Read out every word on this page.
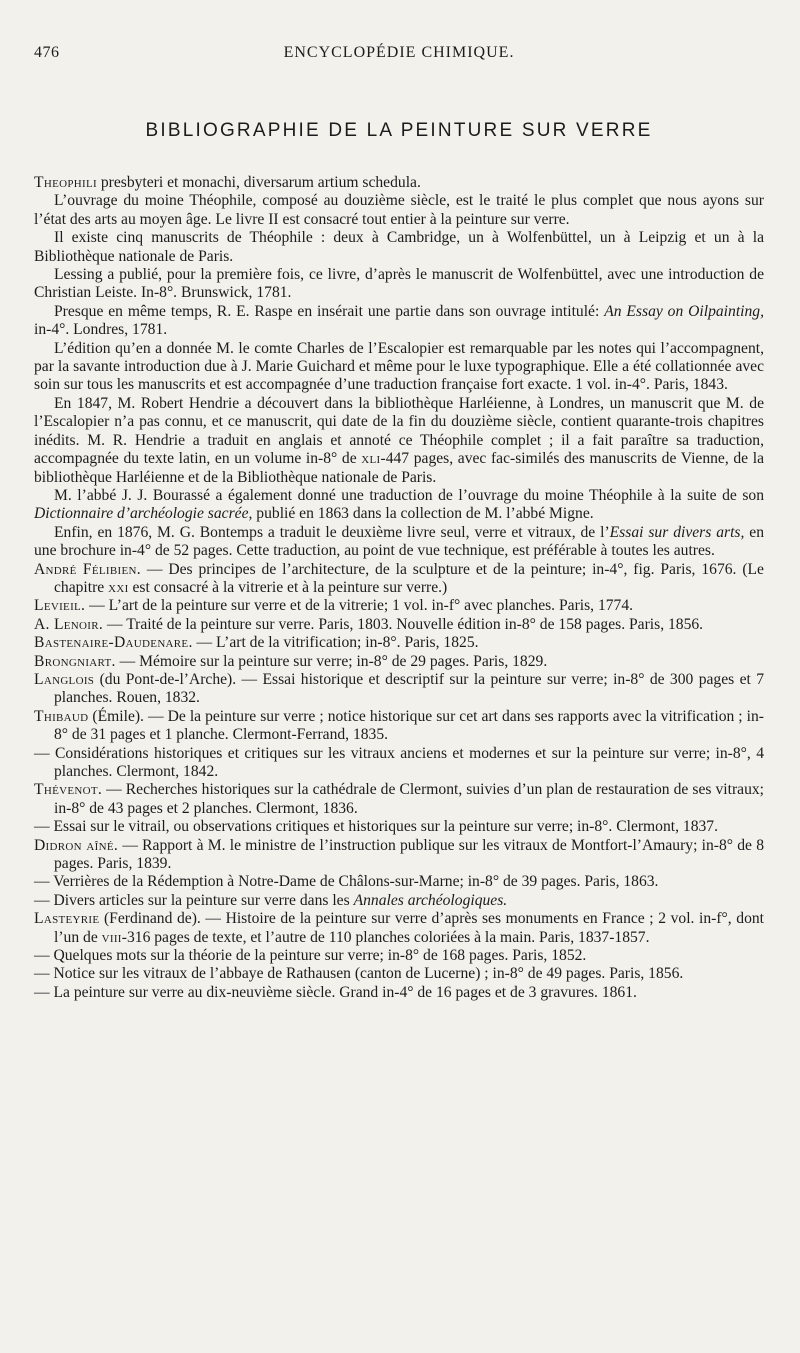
476	ENCYCLOPÉDIE CHIMIQUE.
BIBLIOGRAPHIE DE LA PEINTURE SUR VERRE

Theophili presbyteri et monachi, diversarum artium schedula.

L’ouvrage du moine Théophile, composé au douzième siècle, est le traité le plus complet que nous ayons sur l’état des arts au moyen âge. Le livre II est consacré tout entier à la peinture sur verre.

Il existe cinq manuscrits de Théophile : deux à Cambridge, un à Wolfenbüttel, un à Leipzig et un à la Bibliothèque nationale de Paris.

Lessing a publié, pour la première fois, ce livre, d’après le manuscrit de Wolfenbüttel, avec une introduction de Christian Leiste. In-8°. Brunswick, 1781.

Presque en même temps, R. E. Raspe en insérait une partie dans son ouvrage intitulé: An Essay on Oilpainting, in-4°. Londres, 1781.

L’édition qu’en a donnée M. le comte Charles de l’Escalopier est remarquable par les notes qui l’accompagnent, par la savante introduction due à J. Marie Guichard et même pour le luxe typographique. Elle a été collationnée avec soin sur tous les manuscrits et est accompagnée d’une traduction française fort exacte. 1 vol. in-4°. Paris, 1843.

En 1847, M. Robert Hendrie a découvert dans la bibliothèque Harléienne, à Londres, un manuscrit que M. de l’Escalopier n’a pas connu, et ce manuscrit, qui date de la fin du douzième siècle, contient quarante-trois chapitres inédits. M. R. Hendrie a traduit en anglais et annoté ce Théophile complet ; il a fait paraître sa traduction, accompagnée du texte latin, en un volume in-8° de xli-447 pages, avec fac-similés des manuscrits de Vienne, de la bibliothèque Harléienne et de la Bibliothèque nationale de Paris.

M. l’abbé J. J. Bourassé a également donné une traduction de l’ouvrage du moine Théophile à la suite de son Dictionnaire d’archéologie sacrée, publié en 1863 dans la collection de M. l’abbé Migne.

Enfin, en 1876, M. G. Bontemps a traduit le deuxième livre seul, verre et vitraux, de l’Essai sur divers arts, en une brochure in-4° de 52 pages. Cette traduction, au point de vue technique, est préférable à toutes les autres.

André Félibien. — Des principes de l’architecture, de la sculpture et de la peinture; in-4°, fig. Paris, 1676. (Le chapitre xxi est consacré à la vitrerie et à la peinture sur verre.)

Levieil. — L’art de la peinture sur verre et de la vitrerie; 1 vol. in-f° avec planches. Paris, 1774.

A. Lenoir. — Traité de la peinture sur verre. Paris, 1803. Nouvelle édition in-8° de 158 pages. Paris, 1856.

Bastenaire-Daudenare. — L’art de la vitrification; in-8°. Paris, 1825.

Brongniart. — Mémoire sur la peinture sur verre; in-8° de 29 pages. Paris, 1829.

Langlois (du Pont-de-l’Arche). — Essai historique et descriptif sur la peinture sur verre; in-8° de 300 pages et 7 planches. Rouen, 1832.

Thibaud (Émile). — De la peinture sur verre ; notice historique sur cet art dans ses rapports avec la vitrification ; in-8° de 31 pages et 1 planche. Clermont-Ferrand, 1835.

— Considérations historiques et critiques sur les vitraux anciens et modernes et sur la peinture sur verre; in-8°, 4 planches. Clermont, 1842.

Thévenot. — Recherches historiques sur la cathédrale de Clermont, suivies d’un plan de restauration de ses vitraux; in-8° de 43 pages et 2 planches. Clermont, 1836.

— Essai sur le vitrail, ou observations critiques et historiques sur la peinture sur verre; in-8°. Clermont, 1837.

Didron aîné. — Rapport à M. le ministre de l’instruction publique sur les vitraux de Montfort-l’Amaury; in-8° de 8 pages. Paris, 1839.

— Verrières de la Rédemption à Notre-Dame de Châlons-sur-Marne; in-8° de 39 pages. Paris, 1863.

— Divers articles sur la peinture sur verre dans les Annales archéologiques.

Lasteyrie (Ferdinand de). — Histoire de la peinture sur verre d’après ses monuments en France ; 2 vol. in-f°, dont l’un de viii-316 pages de texte, et l’autre de 110 planches coloriées à la main. Paris, 1837-1857.

— Quelques mots sur la théorie de la peinture sur verre; in-8° de 168 pages. Paris, 1852.

— Notice sur les vitraux de l’abbaye de Rathausen (canton de Lucerne) ; in-8° de 49 pages. Paris, 1856.

— La peinture sur verre au dix-neuvième siècle. Grand in-4° de 16 pages et de 3 gravures. 1861.
